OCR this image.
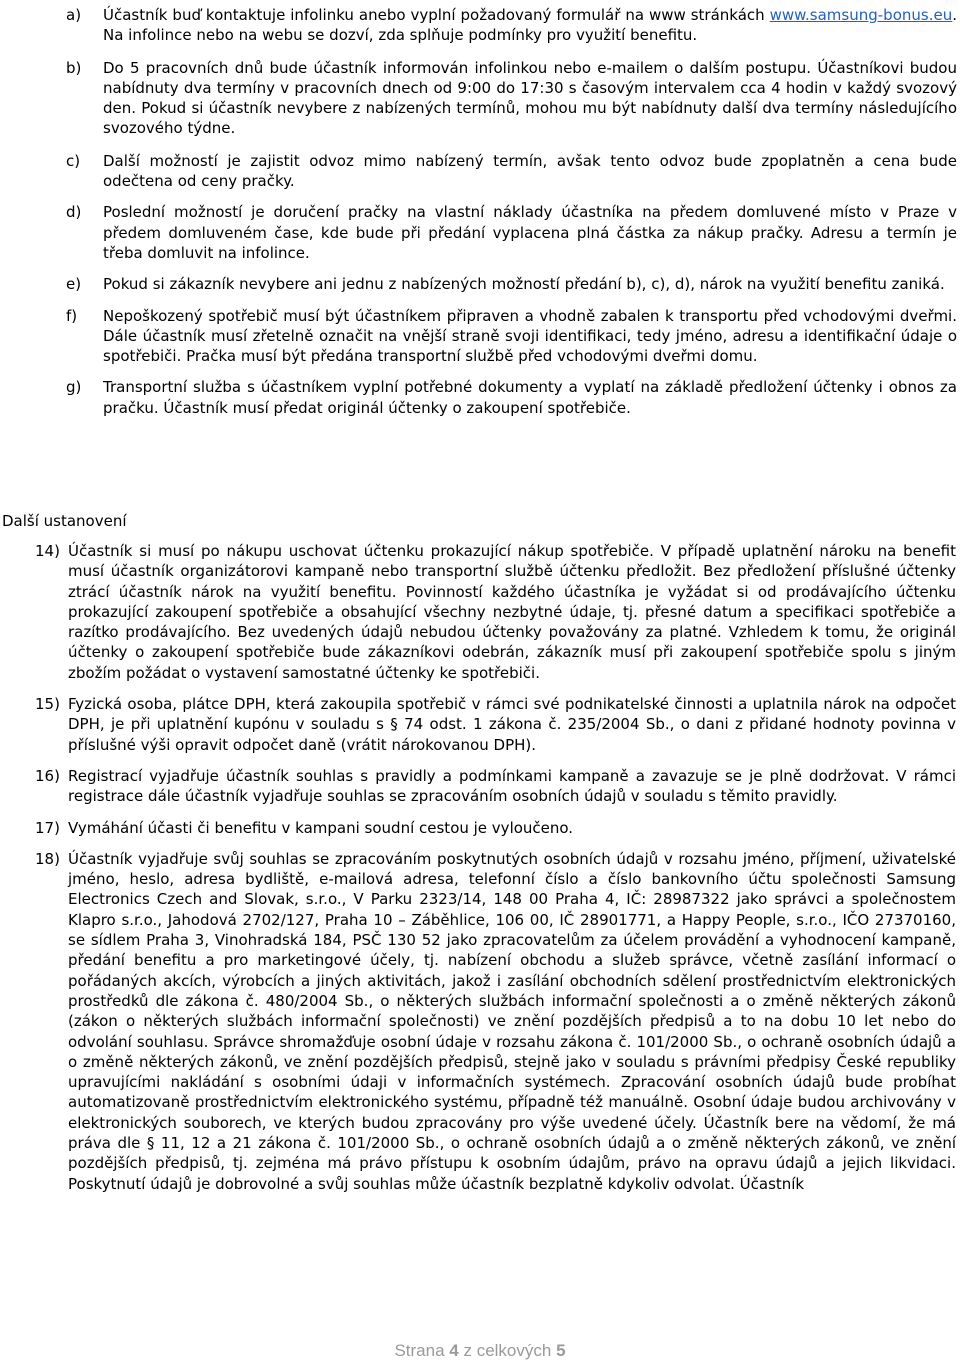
a)	Účastník buď kontaktuje infolinku anebo vyplní požadovaný formulář na www stránkách www.samsung-bonus.eu. Na infolince nebo na webu se dozví, zda splňuje podmínky pro využití benefitu.
b)	Do 5 pracovních dnů bude účastník informován infolinkou nebo e-mailem o dalším postupu. Účastníkovi budou nabídnuty dva termíny v pracovních dnech od 9:00 do 17:30 s časovým intervalem cca 4 hodin v každý svozový den. Pokud si účastník nevybere z nabízených termínů, mohou mu být nabídnuty další dva termíny následujícího svozového týdne.
c)	Další možností je zajistit odvoz mimo nabízený termín, avšak tento odvoz bude zpoplatněn a cena bude odečtena od ceny pračky.
d)	Poslední možností je doručení pračky na vlastní náklady účastníka na předem domluvené místo v Praze v předem domluveném čase, kde bude při předání vyplacena plná částka za nákup pračky. Adresu a termín je třeba domluvit na infolince.
e)	Pokud si zákazník nevybere ani jednu z nabízených možností předání b), c), d), nárok na využití benefitu zaniká.
f)	Nepoškozený spotřebič musí být účastníkem připraven a vhodně zabalen k transportu před vchodovými dveřmi. Dále účastník musí zřetelně označit na vnější straně svoji identifikaci, tedy jméno, adresu a identifikační údaje o spotřebiči. Pračka musí být předána transportní službě před vchodovými dveřmi domu.
g)	Transportní služba s účastníkem vyplní potřebné dokumenty a vyplatí na základě předložení účtenky i obnos za pračku. Účastník musí předat originál účtenky o zakoupení spotřebiče.
Další ustanovení
14) Účastník si musí po nákupu uschovat účtenku prokazující nákup spotřebiče. V případě uplatnění nároku na benefit musí účastník organizátorovi kampaně nebo transportní službě účtenku předložit. Bez předložení příslušné účtenky ztrácí účastník nárok na využití benefitu. Povinností každého účastníka je vyžádat si od prodávajícího účtenku prokazující zakoupení spotřebiče a obsahující všechny nezbytné údaje, tj. přesné datum a specifikaci spotřebiče a razítko prodávajícího. Bez uvedených údajů nebudou účtenky považovány za platné. Vzhledem k tomu, že originál účtenky o zakoupení spotřebiče bude zákazníkovi odebrán, zákazník musí při zakoupení spotřebiče spolu s jiným zbožím požádat o vystavení samostatné účtenky ke spotřebiči.
15) Fyzická osoba, plátce DPH, která zakoupila spotřebič v rámci své podnikatelské činnosti a uplatnila nárok na odpočet DPH, je při uplatnění kupónu v souladu s § 74 odst. 1 zákona č. 235/2004 Sb., o dani z přidané hodnoty povinna v příslušné výši opravit odpočet daně (vrátit nárokovanou DPH).
16) Registrací vyjadřuje účastník souhlas s pravidly a podmínkami kampaně a zavazuje se je plně dodržovat. V rámci registrace dále účastník vyjadřuje souhlas se zpracováním osobních údajů v souladu s těmito pravidly.
17) Vymáhání účasti či benefitu v kampani soudní cestou je vyloučeno.
18) Účastník vyjadřuje svůj souhlas se zpracováním poskytnutých osobních údajů v rozsahu jméno, příjmení, uživatelské jméno, heslo, adresa bydliště, e-mailová adresa, telefonní číslo a číslo bankovního účtu společnosti Samsung Electronics Czech and Slovak, s.r.o., V Parku 2323/14, 148 00 Praha 4, IČ: 28987322 jako správci a společnostem Klapro s.r.o., Jahodová 2702/127, Praha 10 – Záběhlice, 106 00, IČ 28901771, a Happy People, s.r.o., IČO 27370160, se sídlem Praha 3, Vinohradská 184, PSČ 130 52 jako zpracovatelům za účelem provádění a vyhodnocení kampaně, předání benefitu a pro marketingové účely, tj. nabízení obchodu a služeb správce, včetně zasílání informací o pořádaných akcích, výrobcích a jiných aktivitách, jakož i zasílání obchodních sdělení prostřednictvím elektronických prostředků dle zákona č. 480/2004 Sb., o některých službách informační společnosti a o změně některých zákonů (zákon o některých službách informační společnosti) ve znění pozdějších předpisů a to na dobu 10 let nebo do odvolání souhlasu. Správce shromažďuje osobní údaje v rozsahu zákona č. 101/2000 Sb., o ochraně osobních údajů a o změně některých zákonů, ve znění pozdějších předpisů, stejně jako v souladu s právními předpisy České republiky upravujícími nakládání s osobními údaji v informačních systémech. Zpracování osobních údajů bude probíhat automatizovaně prostřednictvím elektronického systému, případně též manuálně. Osobní údaje budou archivovány v elektronických souborech, ve kterých budou zpracovány pro výše uvedené účely. Účastník bere na vědomí, že má práva dle § 11, 12 a 21 zákona č. 101/2000 Sb., o ochraně osobních údajů a o změně některých zákonů, ve znění pozdějších předpisů, tj. zejména má právo přístupu k osobním údajům, právo na opravu údajů a jejich likvidaci. Poskytnutí údajů je dobrovolné a svůj souhlas může účastník bezplatně kdykoliv odvolat. Účastník
Strana 4 z celkových 5
